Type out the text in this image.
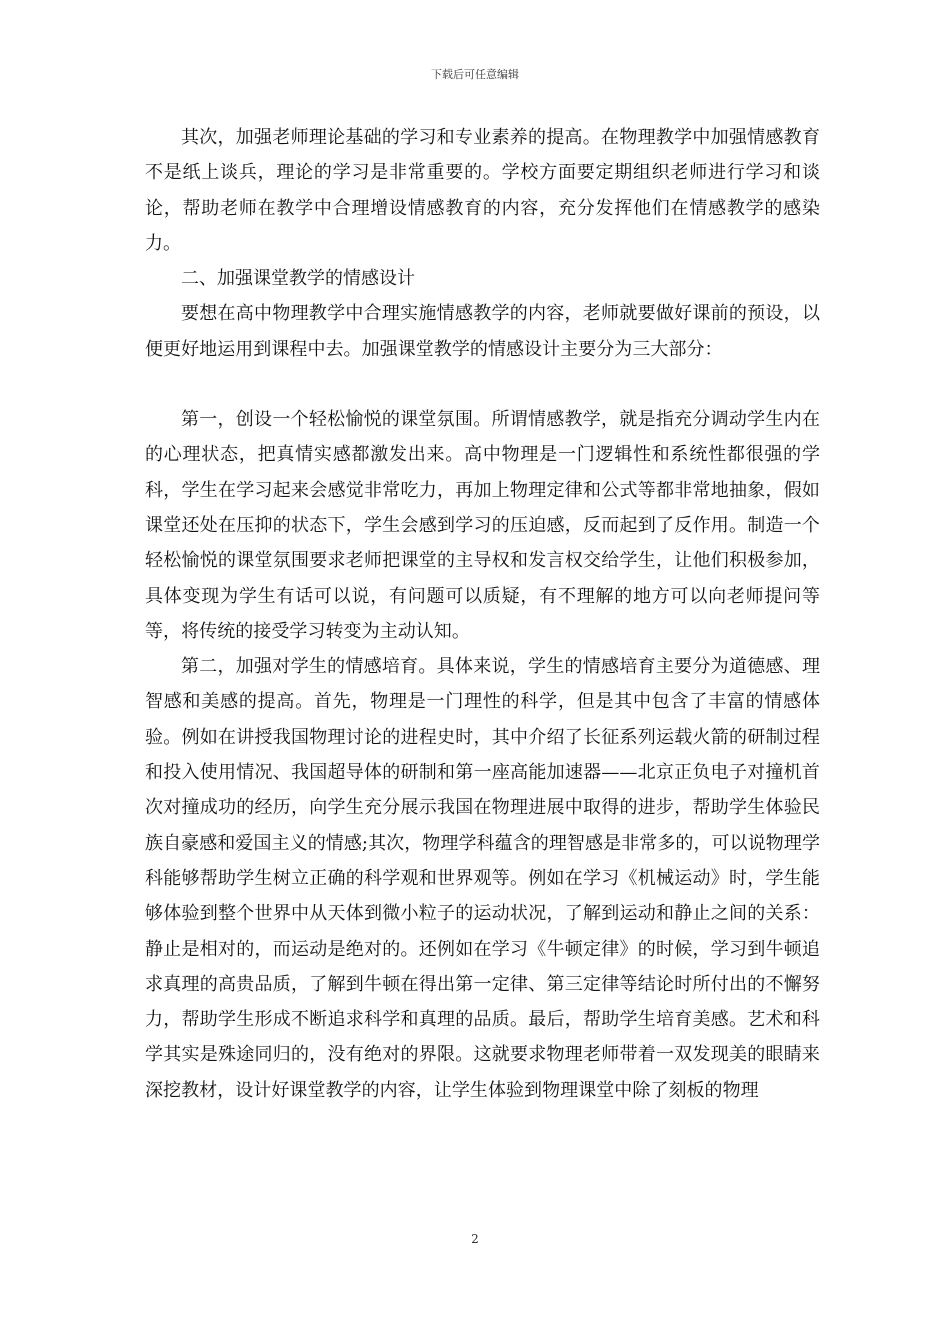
下载后可任意编辑

其次，加强老师理论基础的学习和专业素养的提高。在物理教学中加强情感教育不是纸上谈兵，理论的学习是非常重要的。学校方面要定期组织老师进行学习和谈论，帮助老师在教学中合理增设情感教育的内容，充分发挥他们在情感教学的感染力。

二、加强课堂教学的情感设计

要想在高中物理教学中合理实施情感教学的内容，老师就要做好课前的预设，以便更好地运用到课程中去。加强课堂教学的情感设计主要分为三大部分：

第一，创设一个轻松愉悦的课堂氛围。所谓情感教学，就是指充分调动学生内在的心理状态，把真情实感都激发出来。高中物理是一门逻辑性和系统性都很强的学科，学生在学习起来会感觉非常吃力，再加上物理定律和公式等都非常地抽象，假如课堂还处在压抑的状态下，学生会感到学习的压迫感，反而起到了反作用。制造一个轻松愉悦的课堂氛围要求老师把课堂的主导权和发言权交给学生，让他们积极参加，具体变现为学生有话可以说，有问题可以质疑，有不理解的地方可以向老师提问等等，将传统的接受学习转变为主动认知。

第二，加强对学生的情感培育。具体来说，学生的情感培育主要分为道德感、理智感和美感的提高。首先，物理是一门理性的科学，但是其中包含了丰富的情感体验。例如在讲授我国物理讨论的进程史时，其中介绍了长征系列运载火箭的研制过程和投入使用情况、我国超导体的研制和第一座高能加速器——北京正负电子对撞机首次对撞成功的经历，向学生充分展示我国在物理进展中取得的进步，帮助学生体验民族自豪感和爱国主义的情感;其次，物理学科蕴含的理智感是非常多的，可以说物理学科能够帮助学生树立正确的科学观和世界观等。例如在学习《机械运动》时，学生能够体验到整个世界中从天体到微小粒子的运动状况，了解到运动和静止之间的关系：静止是相对的，而运动是绝对的。还例如在学习《牛顿定律》的时候，学习到牛顿追求真理的高贵品质，了解到牛顿在得出第一定律、第三定律等结论时所付出的不懈努力，帮助学生形成不断追求科学和真理的品质。最后，帮助学生培育美感。艺术和科学其实是殊途同归的，没有绝对的界限。这就要求物理老师带着一双发现美的眼睛来深挖教材，设计好课堂教学的内容，让学生体验到物理课堂中除了刻板的物理

2
